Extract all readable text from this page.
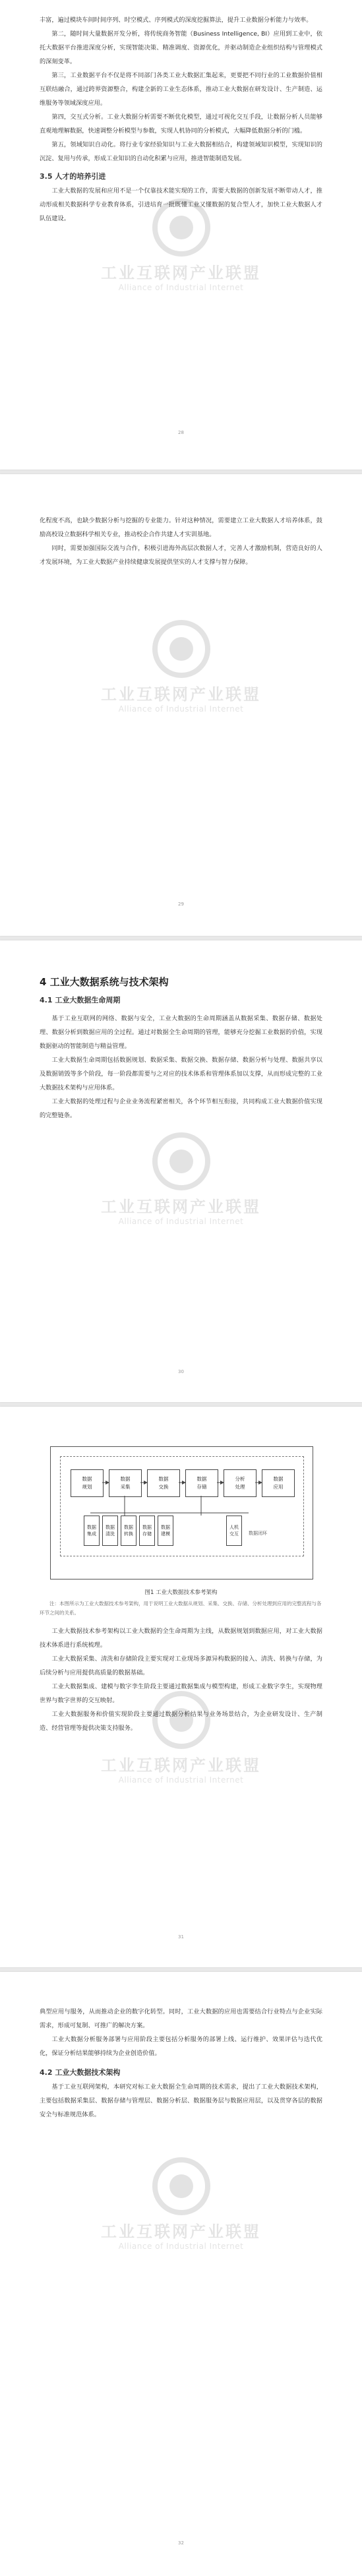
工业互联网产业联盟
Alliance of Industrial Internet

丰富，遍过模块车间时间序列、时空模式、序列模式的深度挖掘算法，提升工业数据分析能力与效率。

第二，随时间大量数据开发分析，将传统商务智能（Business Intelligence, BI）应用到工业中，依托大数据平台推进深度分析，实现智能决策、精准调度、资源优化，并驱动制造企业组织结构与管理模式的深刻变革。

第三，工业数据平台不仅是将不同部门各类工业大数据汇集起来，更要把不同行业的工业数据价值相互联结融合，通过跨界资源整合，构建全新的工业生态体系，推动工业大数据在研发设计、生产制造、运维服务等领域深度应用。

第四，交互式分析。工业大数据分析需要不断优化模型，通过可视化交互手段，让数据分析人员能够直观地理解数据，快速调整分析模型与参数，实现人机协同的分析模式，大幅降低数据分析的门槛。

第五，领域知识自动化。将行业专家经验知识与工业大数据相结合，构建领域知识模型，实现知识的沉淀、复用与传承，形成工业知识的自动化积累与应用，推进智能制造发展。

3.5 人才的培养引进

工业大数据的发展和应用不是一个仅靠技术能实现的工作，需要大数据的创新发展不断带动人才，推动形成相关数据科学专业教育体系，引进培育一批既懂工业又懂数据的复合型人才，加快工业大数据人才队伍建设。

28
工业互联网产业联盟
Alliance of Industrial Internet

化程度不高，也缺少数据分析与挖掘的专业能力。针对这种情况，需要建立工业大数据人才培养体系，鼓励高校设立数据科学相关专业，推动校企合作共建人才实训基地。

同时，需要加强国际交流与合作，积极引进海外高层次数据人才，完善人才激励机制，营造良好的人才发展环境，为工业大数据产业持续健康发展提供坚实的人才支撑与智力保障。

29
工业互联网产业联盟
Alliance of Industrial Internet
4 工业大数据系统与技术架构
4.1 工业大数据生命周期

基于工业互联网的网络、数据与安全，工业大数据的生命周期涵盖从数据采集、数据存储、数据处理、数据分析到数据应用的全过程。通过对数据全生命周期的管理，能够充分挖掘工业数据的价值，实现数据驱动的智能制造与精益管理。

工业大数据生命周期包括数据规划、数据采集、数据交换、数据存储、数据分析与处理、数据共享以及数据销毁等多个阶段，每一阶段都需要与之对应的技术体系和管理体系加以支撑，从而形成完整的工业大数据技术架构与应用体系。

工业大数据的处理过程与企业业务流程紧密相关，各个环节相互衔接，共同构成工业大数据价值实现的完整链条。

30
数据
规划
数据
采集
数据
交换
数据
存储
分析
处理
数据
应用
数据
集成
数据
清洗
数据
转换
数据
存储
数据
建模
人机
交互	数据闭环
图1 工业大数据技术参考架构
注：本图所示为工业大数据技术参考架构，用于说明工业大数据从规划、采集、交换、存储、分析处理到应用的完整流程与各环节之间的关系。
工业互联网产业联盟
Alliance of Industrial Internet

工业大数据技术参考架构以工业大数据的全生命周期为主线，从数据规划到数据应用，对工业大数据技术体系进行系统梳理。

工业大数据采集、清洗和存储阶段主要实现对工业现场多源异构数据的接入、清洗、转换与存储，为后续分析与应用提供高质量的数据基础。

工业大数据集成、建模与数字孪生阶段主要通过数据集成与模型构建，形成工业数字孪生，实现物理世界与数字世界的交互映射。

工业大数据服务和价值实现阶段主要通过数据分析结果与业务场景结合，为企业研发设计、生产制造、经营管理等提供决策支持服务。

31
工业互联网产业联盟
Alliance of Industrial Internet

典型应用与服务，从而推动企业的数字化转型。同时，工业大数据的应用也需要结合行业特点与企业实际需求，形成可复制、可推广的解决方案。

工业大数据分析服务部署与应用阶段主要包括分析服务的部署上线、运行维护、效果评估与迭代优化，保证分析结果能够持续为企业创造价值。

4.2 工业大数据技术架构

基于工业互联网架构，本研究对标工业大数据全生命周期的技术需求，提出了工业大数据技术架构，主要包括数据采集层、数据存储与管理层、数据分析层、数据服务层与数据应用层，以及贯穿各层的数据安全与标准规范体系。

32
